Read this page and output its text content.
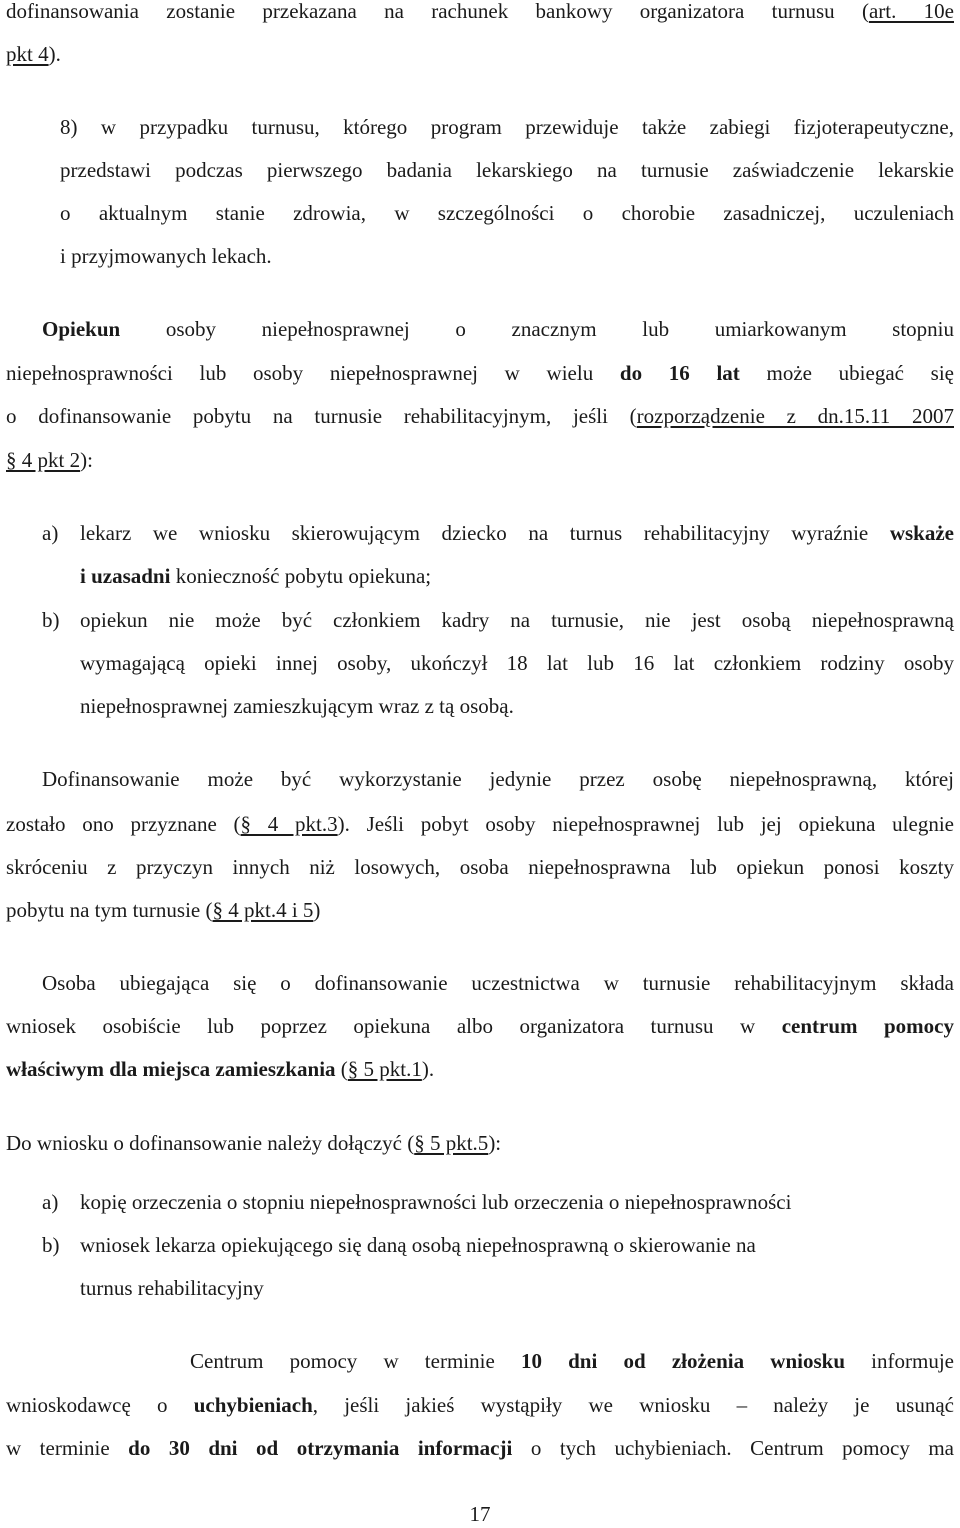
dofinansowania zostanie przekazana na rachunek bankowy organizatora turnusu (art. 10e
pkt 4).
8) w przypadku turnusu, którego program przewiduje także zabiegi fizjoterapeutyczne,
przedstawi podczas pierwszego badania lekarskiego na turnusie zaświadczenie lekarskie
o aktualnym stanie zdrowia, w szczególności o chorobie zasadniczej, uczuleniach
i przyjmowanych lekach.
Opiekun osoby niepełnosprawnej o znacznym lub umiarkowanym stopniu
niepełnosprawności lub osoby niepełnosprawnej w wielu do 16 lat może ubiegać się
o dofinansowanie pobytu na turnusie rehabilitacyjnym, jeśli (rozporządzenie z dn.15.11 2007
§ 4 pkt 2):
a) lekarz we wniosku skierowującym dziecko na turnus rehabilitacyjny wyraźnie wskaże
i uzasadni konieczność pobytu opiekuna;
b) opiekun nie może być członkiem kadry na turnusie, nie jest osobą niepełnosprawną
wymagającą opieki innej osoby, ukończył 18 lat lub 16 lat członkiem rodziny osoby
niepełnosprawnej zamieszkującym wraz z tą osobą.
Dofinansowanie może być wykorzystanie jedynie przez osobę niepełnosprawną, której
zostało ono przyznane (§ 4 pkt.3). Jeśli pobyt osoby niepełnosprawnej lub jej opiekuna ulegnie
skróceniu z przyczyn innych niż losowych, osoba niepełnosprawna lub opiekun ponosi koszty
pobytu na tym turnusie (§ 4 pkt.4 i 5)
Osoba ubiegająca się o dofinansowanie uczestnictwa w turnusie rehabilitacyjnym składa
wniosek osobiście lub poprzez opiekuna albo organizatora turnusu w centrum pomocy
właściwym dla miejsca zamieszkania (§ 5 pkt.1).
Do wniosku o dofinansowanie należy dołączyć (§ 5 pkt.5):
a) kopię orzeczenia o stopniu niepełnosprawności lub orzeczenia o niepełnosprawności
b) wniosek lekarza opiekującego się daną osobą niepełnosprawną o skierowanie na
turnus rehabilitacyjny
Centrum pomocy w terminie 10 dni od złożenia wniosku informuje
wnioskodawcę o uchybieniach, jeśli jakieś wystąpiły we wniosku – należy je usunąć
w terminie do 30 dni od otrzymania informacji o tych uchybieniach. Centrum pomocy ma
17
